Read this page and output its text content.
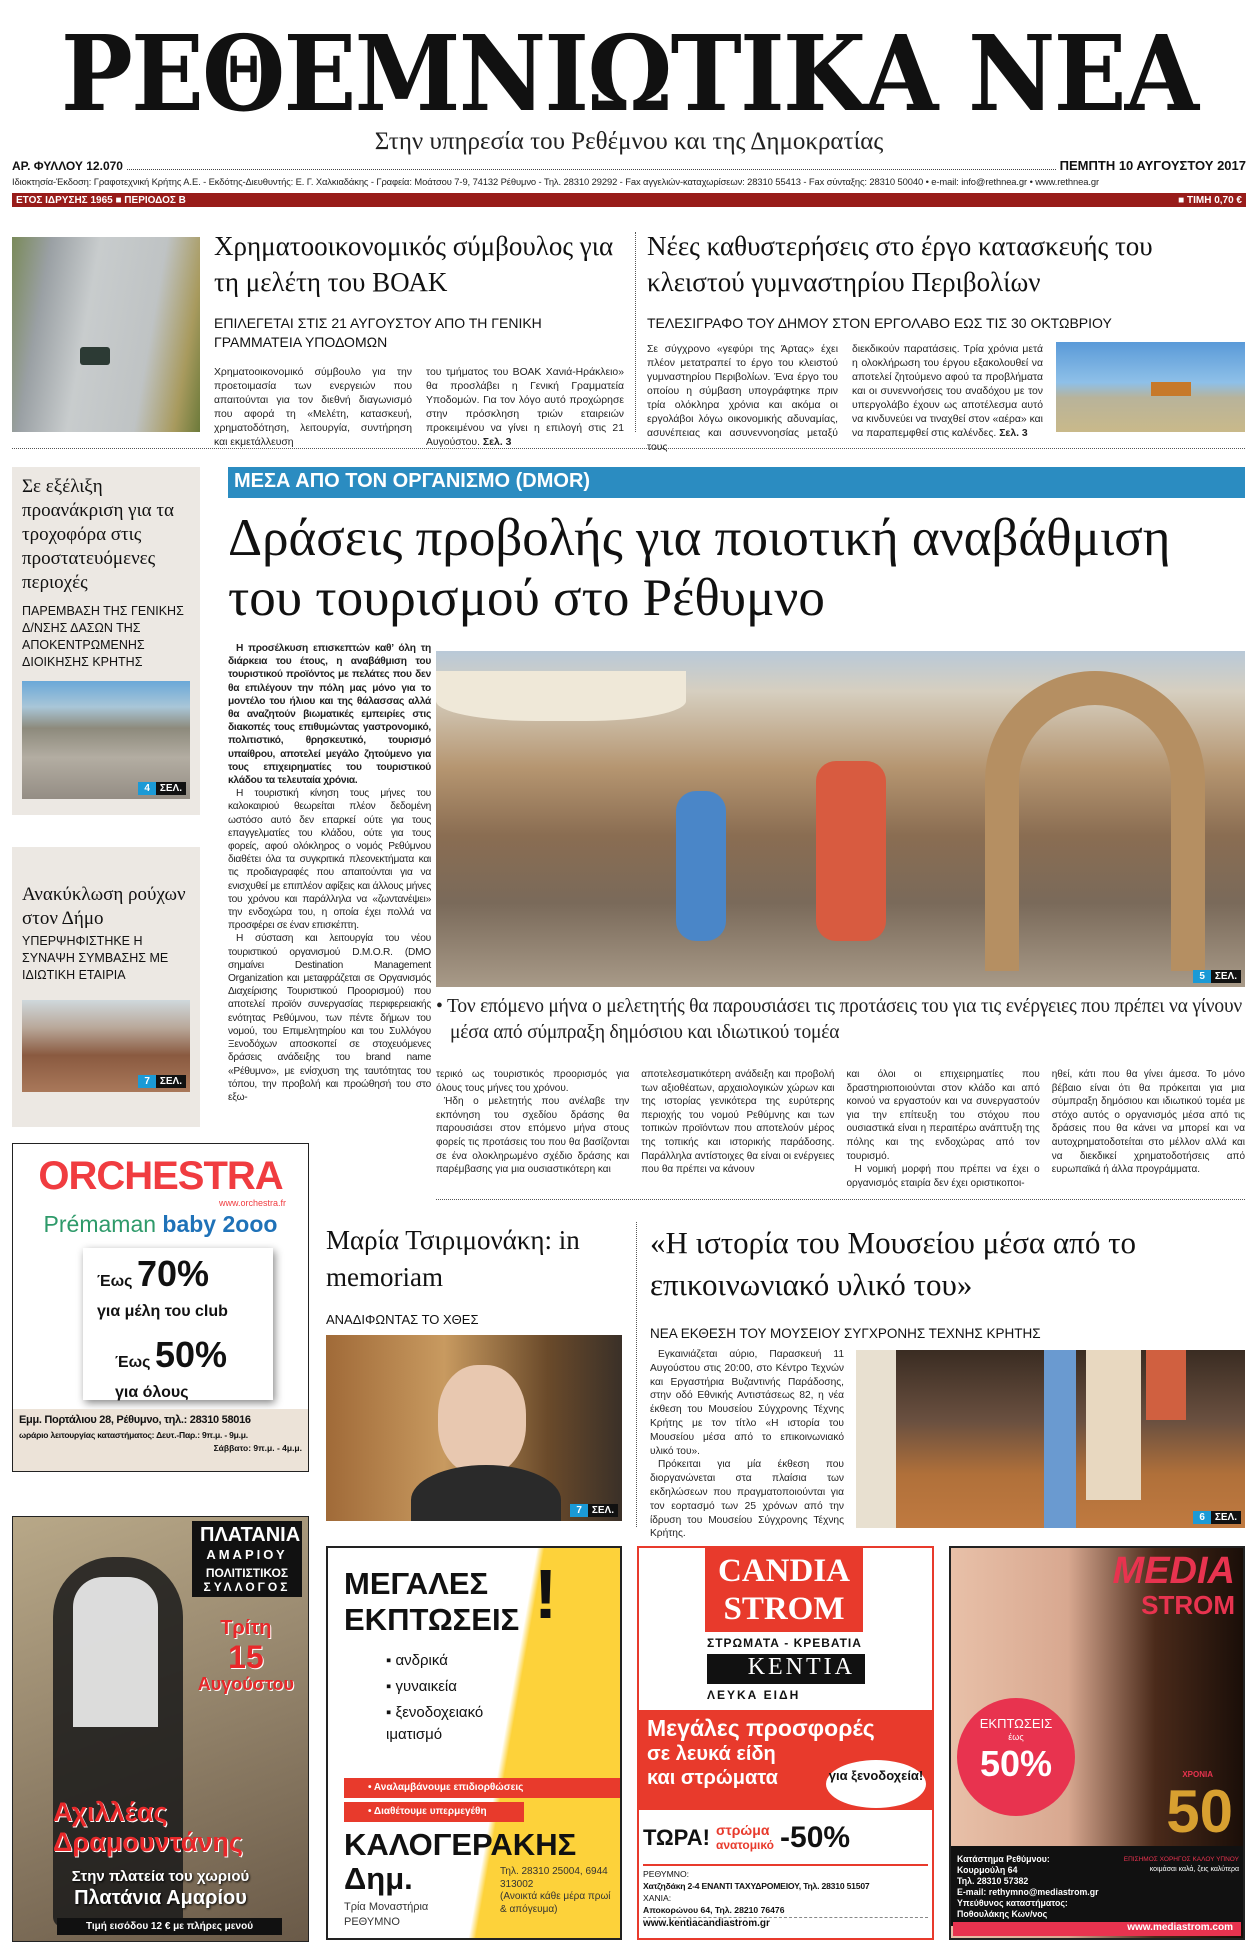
ΡΕΘΕΜΝΙΩΤΙΚΑ ΝΕΑ
Στην υπηρεσία του Ρεθέμνου και της Δημοκρατίας
ΑΡ. ΦΥΛΛΟΥ 12.070	ΠΕΜΠΤΗ 10 ΑΥΓΟΥΣΤΟΥ 2017
Ιδιοκτησία-Έκδοση: Γραφοτεχνική Κρήτης Α.Ε. - Εκδότης-Διευθυντής: Ε. Γ. Χαλκιαδάκης - Γραφεία: Μοάτσου 7-9, 74132 Ρέθυμνο - Τηλ. 28310 29292 - Fax αγγελιών-καταχωρίσεων: 28310 55413 - Fax σύνταξης: 28310 50040 • e-mail: info@rethnea.gr • www.rethnea.gr
ΕΤΟΣ ΙΔΡΥΣΗΣ 1965 ■ ΠΕΡΙΟΔΟΣ Β	■ ΤΙΜΗ 0,70 €
Χρηματοοικονομικός σύμβουλος για τη μελέτη του ΒΟΑΚ
ΕΠΙΛΕΓΕΤΑΙ ΣΤΙΣ 21 ΑΥΓΟΥΣΤΟΥ ΑΠΟ ΤΗ ΓΕΝΙΚΗ ΓΡΑΜΜΑΤΕΙΑ ΥΠΟΔΟΜΩΝ
Χρηματοοικονομικό σύμβουλο για την προετοιμασία των ενεργειών που απαιτούνται για τον διεθνή διαγωνισμό που αφορά τη «Μελέτη, κατασκευή, χρηματοδότηση, λειτουργία, συντήρηση και εκμετάλλευση
του τμήματος του ΒΟΑΚ Χανιά-Ηράκλειο» θα προσλάβει η Γενική Γραμματεία Υποδομών. Για τον λόγο αυτό προχώρησε στην πρόσκληση τριών εταιρειών προκειμένου να γίνει η επιλογή στις 21 Αυγούστου. Σελ. 3
Νέες καθυστερήσεις στο έργο κατασκευής του κλειστού γυμναστηρίου Περιβολίων
ΤΕΛΕΣΙΓΡΑΦΟ ΤΟΥ ΔΗΜΟΥ ΣΤΟΝ ΕΡΓΟΛΑΒΟ ΕΩΣ ΤΙΣ 30 ΟΚΤΩΒΡΙΟΥ
Σε σύγχρονο «γεφύρι της Άρτας» έχει πλέον μετατραπεί το έργο του κλειστού γυμναστηρίου Περιβολίων. Ένα έργο του οποίου η σύμβαση υπογράφτηκε πριν τρία ολόκληρα χρόνια και ακόμα οι εργολάβοι λόγω οικονομικής αδυναμίας, ασυνέπειας και ασυνεννοησίας μεταξύ τους
διεκδικούν παρατάσεις. Τρία χρόνια μετά η ολοκλήρωση του έργου εξακολουθεί να αποτελεί ζητούμενο αφού τα προβλήματα και οι συνεννοήσεις του αναδόχου με τον υπεργολάβο έχουν ως αποτέλεσμα αυτό να κινδυνεύει να τιναχθεί στον «αέρα» και να παραπεμφθεί στις καλένδες. Σελ. 3
Σε εξέλιξη προανάκριση για τα τροχοφόρα στις προστατευόμενες περιοχές
ΠΑΡΕΜΒΑΣΗ ΤΗΣ ΓΕΝΙΚΗΣ Δ/ΝΣΗΣ ΔΑΣΩΝ ΤΗΣ ΑΠΟΚΕΝΤΡΩΜΕΝΗΣ ΔΙΟΙΚΗΣΗΣ ΚΡΗΤΗΣ
4	ΣΕΛ.
Ανακύκλωση ρούχων στον Δήμο
ΥΠΕΡΨΗΦΙΣΤΗΚΕ Η ΣΥΝΑΨΗ ΣΥΜΒΑΣΗΣ ΜΕ ΙΔΙΩΤΙΚΗ ΕΤΑΙΡΙΑ
7	ΣΕΛ.
ΜΕΣΑ ΑΠΟ ΤΟΝ ΟΡΓΑΝΙΣΜΟ (DMOR)
Δράσεις προβολής για ποιοτική αναβάθμιση του τουρισμού στο Ρέθυμνο

Η προσέλκυση επισκεπτών καθ’ όλη τη διάρκεια του έτους, η αναβάθμιση του τουριστικού προϊόντος με πελάτες που δεν θα επιλέγουν την πόλη μας μόνο για το μοντέλο του ήλιου και της θάλασσας αλλά θα αναζητούν βιωματικές εμπειρίες στις διακοπές τους επιθυμώντας γαστρονομικό, πολιτιστικό, θρησκευτικό, τουρισμό υπαίθρου, αποτελεί μεγάλο ζητούμενο για τους επιχειρηματίες του τουριστικού κλάδου τα τελευταία χρόνια.

Η τουριστική κίνηση τους μήνες του καλοκαιριού θεωρείται πλέον δεδομένη ωστόσο αυτό δεν επαρκεί ούτε για τους επαγγελματίες του κλάδου, ούτε για τους φορείς, αφού ολόκληρος ο νομός Ρεθύμνου διαθέτει όλα τα συγκριτικά πλεονεκτήματα και τις προδιαγραφές που απαιτούνται για να ενισχυθεί με επιπλέον αφίξεις και άλλους μήνες του χρόνου και παράλληλα να «ζωντανέψει» την ενδοχώρα του, η οποία έχει πολλά να προσφέρει σε έναν επισκέπτη.

Η σύσταση και λειτουργία του νέου τουριστικού οργανισμού D.M.O.R. (DMO σημαίνει Destination Management Organization και μεταφράζεται σε Οργανισμός Διαχείρισης Τουριστικού Προορισμού) που αποτελεί προϊόν συνεργασίας περιφερειακής ενότητας Ρεθύμνου, των πέντε δήμων του νομού, του Επιμελητηρίου και του Συλλόγου Ξενοδόχων αποσκοπεί σε στοχευόμενες δράσεις ανάδειξης του brand name «Ρέθυμνο», με ενίσχυση της ταυτότητας του τόπου, την προβολή και προώθησή του στο εξω-

5	ΣΕΛ.
• Τον επόμενο μήνα ο μελετητής θα παρουσιάσει τις προτάσεις του για τις ενέργειες που πρέπει να γίνουν μέσα από σύμπραξη δημόσιου και ιδιωτικού τομέα

τερικό ως τουριστικός προορισμός για όλους τους μήνες του χρόνου.

Ήδη ο μελετητής που ανέλαβε την εκπόνηση του σχεδίου δράσης θα παρουσιάσει στον επόμενο μήνα στους φορείς τις προτάσεις του που θα βασίζονται σε ένα ολοκληρωμένο σχέδιο δράσης και παρέμβασης για μια ουσιαστικότερη και

αποτελεσματικότερη ανάδειξη και προβολή των αξιοθέατων, αρχαιολογικών χώρων και της ιστορίας γενικότερα της ευρύτερης περιοχής του νομού Ρεθύμνης και των τοπικών προϊόντων που αποτελούν μέρος της τοπικής και ιστορικής παράδοσης. Παράλληλα αντίστοιχες θα είναι οι ενέργειες που θα πρέπει να κάνουν

και όλοι οι επιχειρηματίες που δραστηριοποιούνται στον κλάδο και από κοινού να εργαστούν και να συνεργαστούν για την επίτευξη του στόχου που ουσιαστικά είναι η περαιτέρω ανάπτυξη της πόλης και της ενδοχώρας από τον τουρισμό.

Η νομική μορφή που πρέπει να έχει ο οργανισμός εταιρία δεν έχει οριστικοποι-

ηθεί, κάτι που θα γίνει άμεσα. Το μόνο βέβαιο είναι ότι θα πρόκειται για μια σύμπραξη δημόσιου και ιδιωτικού τομέα με στόχο αυτός ο οργανισμός μέσα από τις δράσεις που θα κάνει να μπορεί και να αυτοχρηματοδοτείται στο μέλλον αλλά και να διεκδικεί χρηματοδοτήσεις από ευρωπαϊκά ή άλλα προγράμματα.

Μαρία Τσιριμονάκη: in memoriam
ΑΝΑΔΙΦΩΝΤΑΣ ΤΟ ΧΘΕΣ
7	ΣΕΛ.
«Η ιστορία του Μουσείου μέσα από το επικοινωνιακό υλικό του»
ΝΕΑ ΕΚΘΕΣΗ ΤΟΥ ΜΟΥΣΕΙΟΥ ΣΥΓΧΡΟΝΗΣ ΤΕΧΝΗΣ ΚΡΗΤΗΣ

Εγκαινιάζεται αύριο, Παρασκευή 11 Αυγούστου στις 20:00, στο Κέντρο Τεχνών και Εργαστήρια Βυζαντινής Παράδοσης, στην οδό Εθνικής Αντιστάσεως 82, η νέα έκθεση του Μουσείου Σύγχρονης Τέχνης Κρήτης με τον τίτλο «Η ιστορία του Μουσείου μέσα από το επικοινωνιακό υλικό του».

Πρόκειται για μία έκθεση που διοργανώνεται στα πλαίσια των εκδηλώσεων που πραγματοποιούνται για τον εορτασμό των 25 χρόνων από την ίδρυση του Μουσείου Σύγχρονης Τέχνης Κρήτης.

6	ΣΕΛ.
ORCHESTRA
www.orchestra.fr
Prémaman baby 2ooo
Έως 70%
για μέλη του club
Έως 50%
για όλους
Εμμ. Πορτάλιου 28, Ρέθυμνο, τηλ.: 28310 58016
ωράριο λειτουργίας καταστήματος: Δευτ.-Παρ.: 9π.μ. - 9μ.μ.
Σάββατο: 9π.μ. - 4μ.μ.
ΠΛΑΤΑΝΙΑ
ΑΜΑΡΙΟΥ
ΠΟΛΙΤΙΣΤΙΚΟΣ
ΣΥΛΛΟΓΟΣ
Τρίτη
15
Αυγούστου
Αχιλλέας
Δραμουντάνης
Στην πλατεία του χωριού
Πλατάνια Αμαρίου
Τιμή εισόδου 12 € με πλήρες μενού
ΜΕΓΑΛΕΣ
ΕΚΠΤΩΣΕΙΣ !
▪ ανδρικά
▪ γυναικεία
▪ ξενοδοχειακό ιματισμό
• Αναλαμβάνουμε επιδιορθώσεις
• Διαθέτουμε υπερμεγέθη
ΚΑΛΟΓΕΡΑΚΗΣ
Δημ.
Τρία Μοναστήρια
ΡΕΘΥΜΝΟ
Τηλ. 28310 25004, 6944 313002
(Ανοικτά κάθε μέρα πρωί & απόγευμα)
CANDIA
STROM
ΣΤΡΩΜΑΤΑ - ΚΡΕΒΑΤΙΑ
KENTIA
ΛΕΥΚΑ ΕΙΔΗ
Μεγάλες προσφορές
σε λευκά είδη
και στρώματα	για ξενοδοχεία!
ΤΩΡΑ! στρώμα
ανατομικό -50%
ΡΕΘΥΜΝΟ:
Χατζηδάκη 2-4 ΕΝΑΝΤΙ ΤΑΧΥΔΡΟΜΕΙΟΥ, Τηλ. 28310 51507
ΧΑΝΙΑ:
Αποκορώνου 64, Τηλ. 28210 76476
www.kentiacandiastrom.gr
MEDIA
STROM
ΕΚΠΤΩΣΕΙΣ
έως
50%	ΧΡΟΝΙΑ
50
Κατάστημα Ρεθύμνου:
Κουρμούλη 64
Τηλ. 28310 57382
E-mail: rethymno@mediastrom.gr
Υπεύθυνος καταστήματος:
Ποθουλάκης Κων/νος
ΕΠΙΣΗΜΟΣ ΧΟΡΗΓΟΣ ΚΑΛΟΥ ΥΠΝΟΥ
κοιμάσαι καλά, ζεις καλύτερα
www.mediastrom.com
